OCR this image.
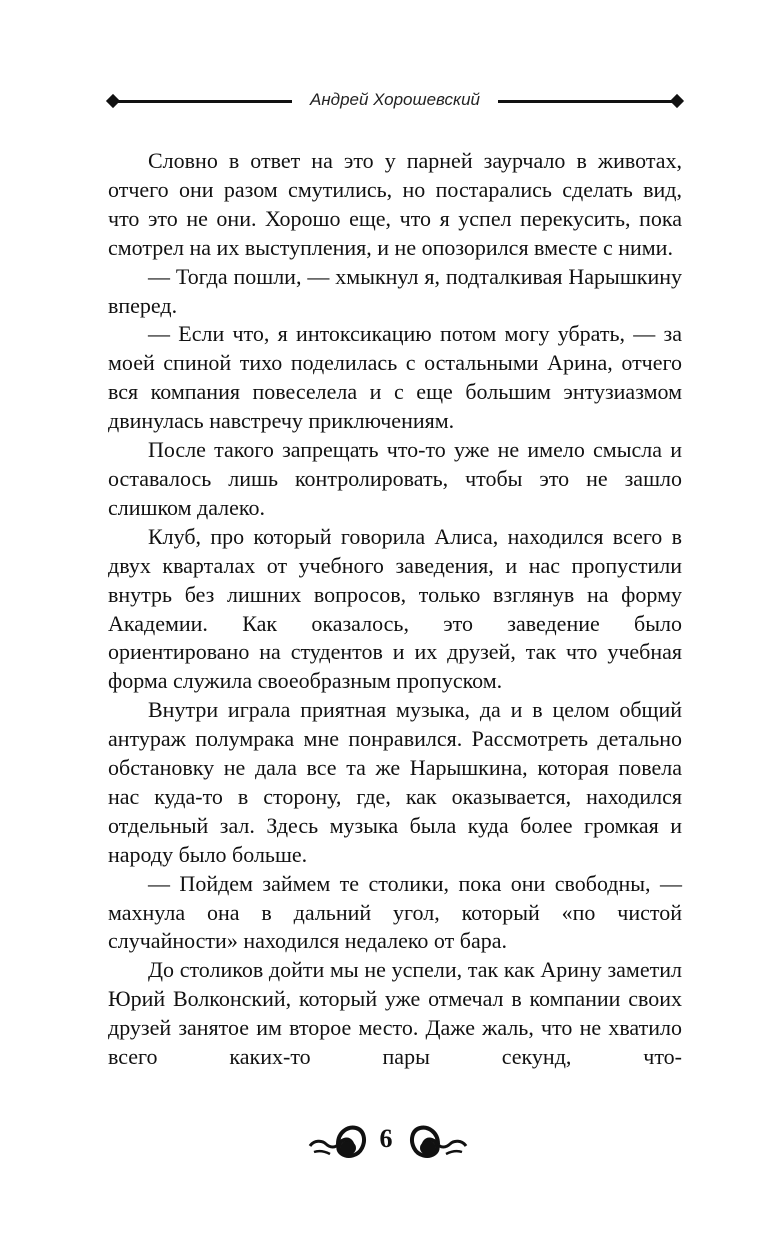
Андрей Хорошевский

Словно в ответ на это у парней заурчало в животах, отчего они разом смутились, но постарались сделать вид, что это не они. Хорошо еще, что я успел перекусить, пока смотрел на их выступления, и не опозорился вместе с ними.

— Тогда пошли, — хмыкнул я, подталкивая Нарышкину вперед.

— Если что, я интоксикацию потом могу убрать, — за моей спиной тихо поделилась с остальными Арина, отчего вся компания повеселела и с еще большим энтузиазмом двинулась навстречу приключениям.

После такого запрещать что-то уже не имело смысла и оставалось лишь контролировать, чтобы это не зашло слишком далеко.

Клуб, про который говорила Алиса, находился всего в двух кварталах от учебного заведения, и нас пропустили внутрь без лишних вопросов, только взглянув на форму Академии. Как оказалось, это заведение было ориентировано на студентов и их друзей, так что учебная форма служила своеобразным пропуском.

Внутри играла приятная музыка, да и в целом общий антураж полумрака мне понравился. Рассмотреть детально обстановку не дала все та же Нарышкина, которая повела нас куда-то в сторону, где, как оказывается, находился отдельный зал. Здесь музыка была куда более громкая и народу было больше.

— Пойдем займем те столики, пока они свободны, — махнула она в дальний угол, который «по чистой случайности» находился недалеко от бара.

До столиков дойти мы не успели, так как Арину заметил Юрий Волконский, который уже отмечал в компании своих друзей занятое им второе место. Даже жаль, что не хватило всего каких-то пары секунд, что-

6
